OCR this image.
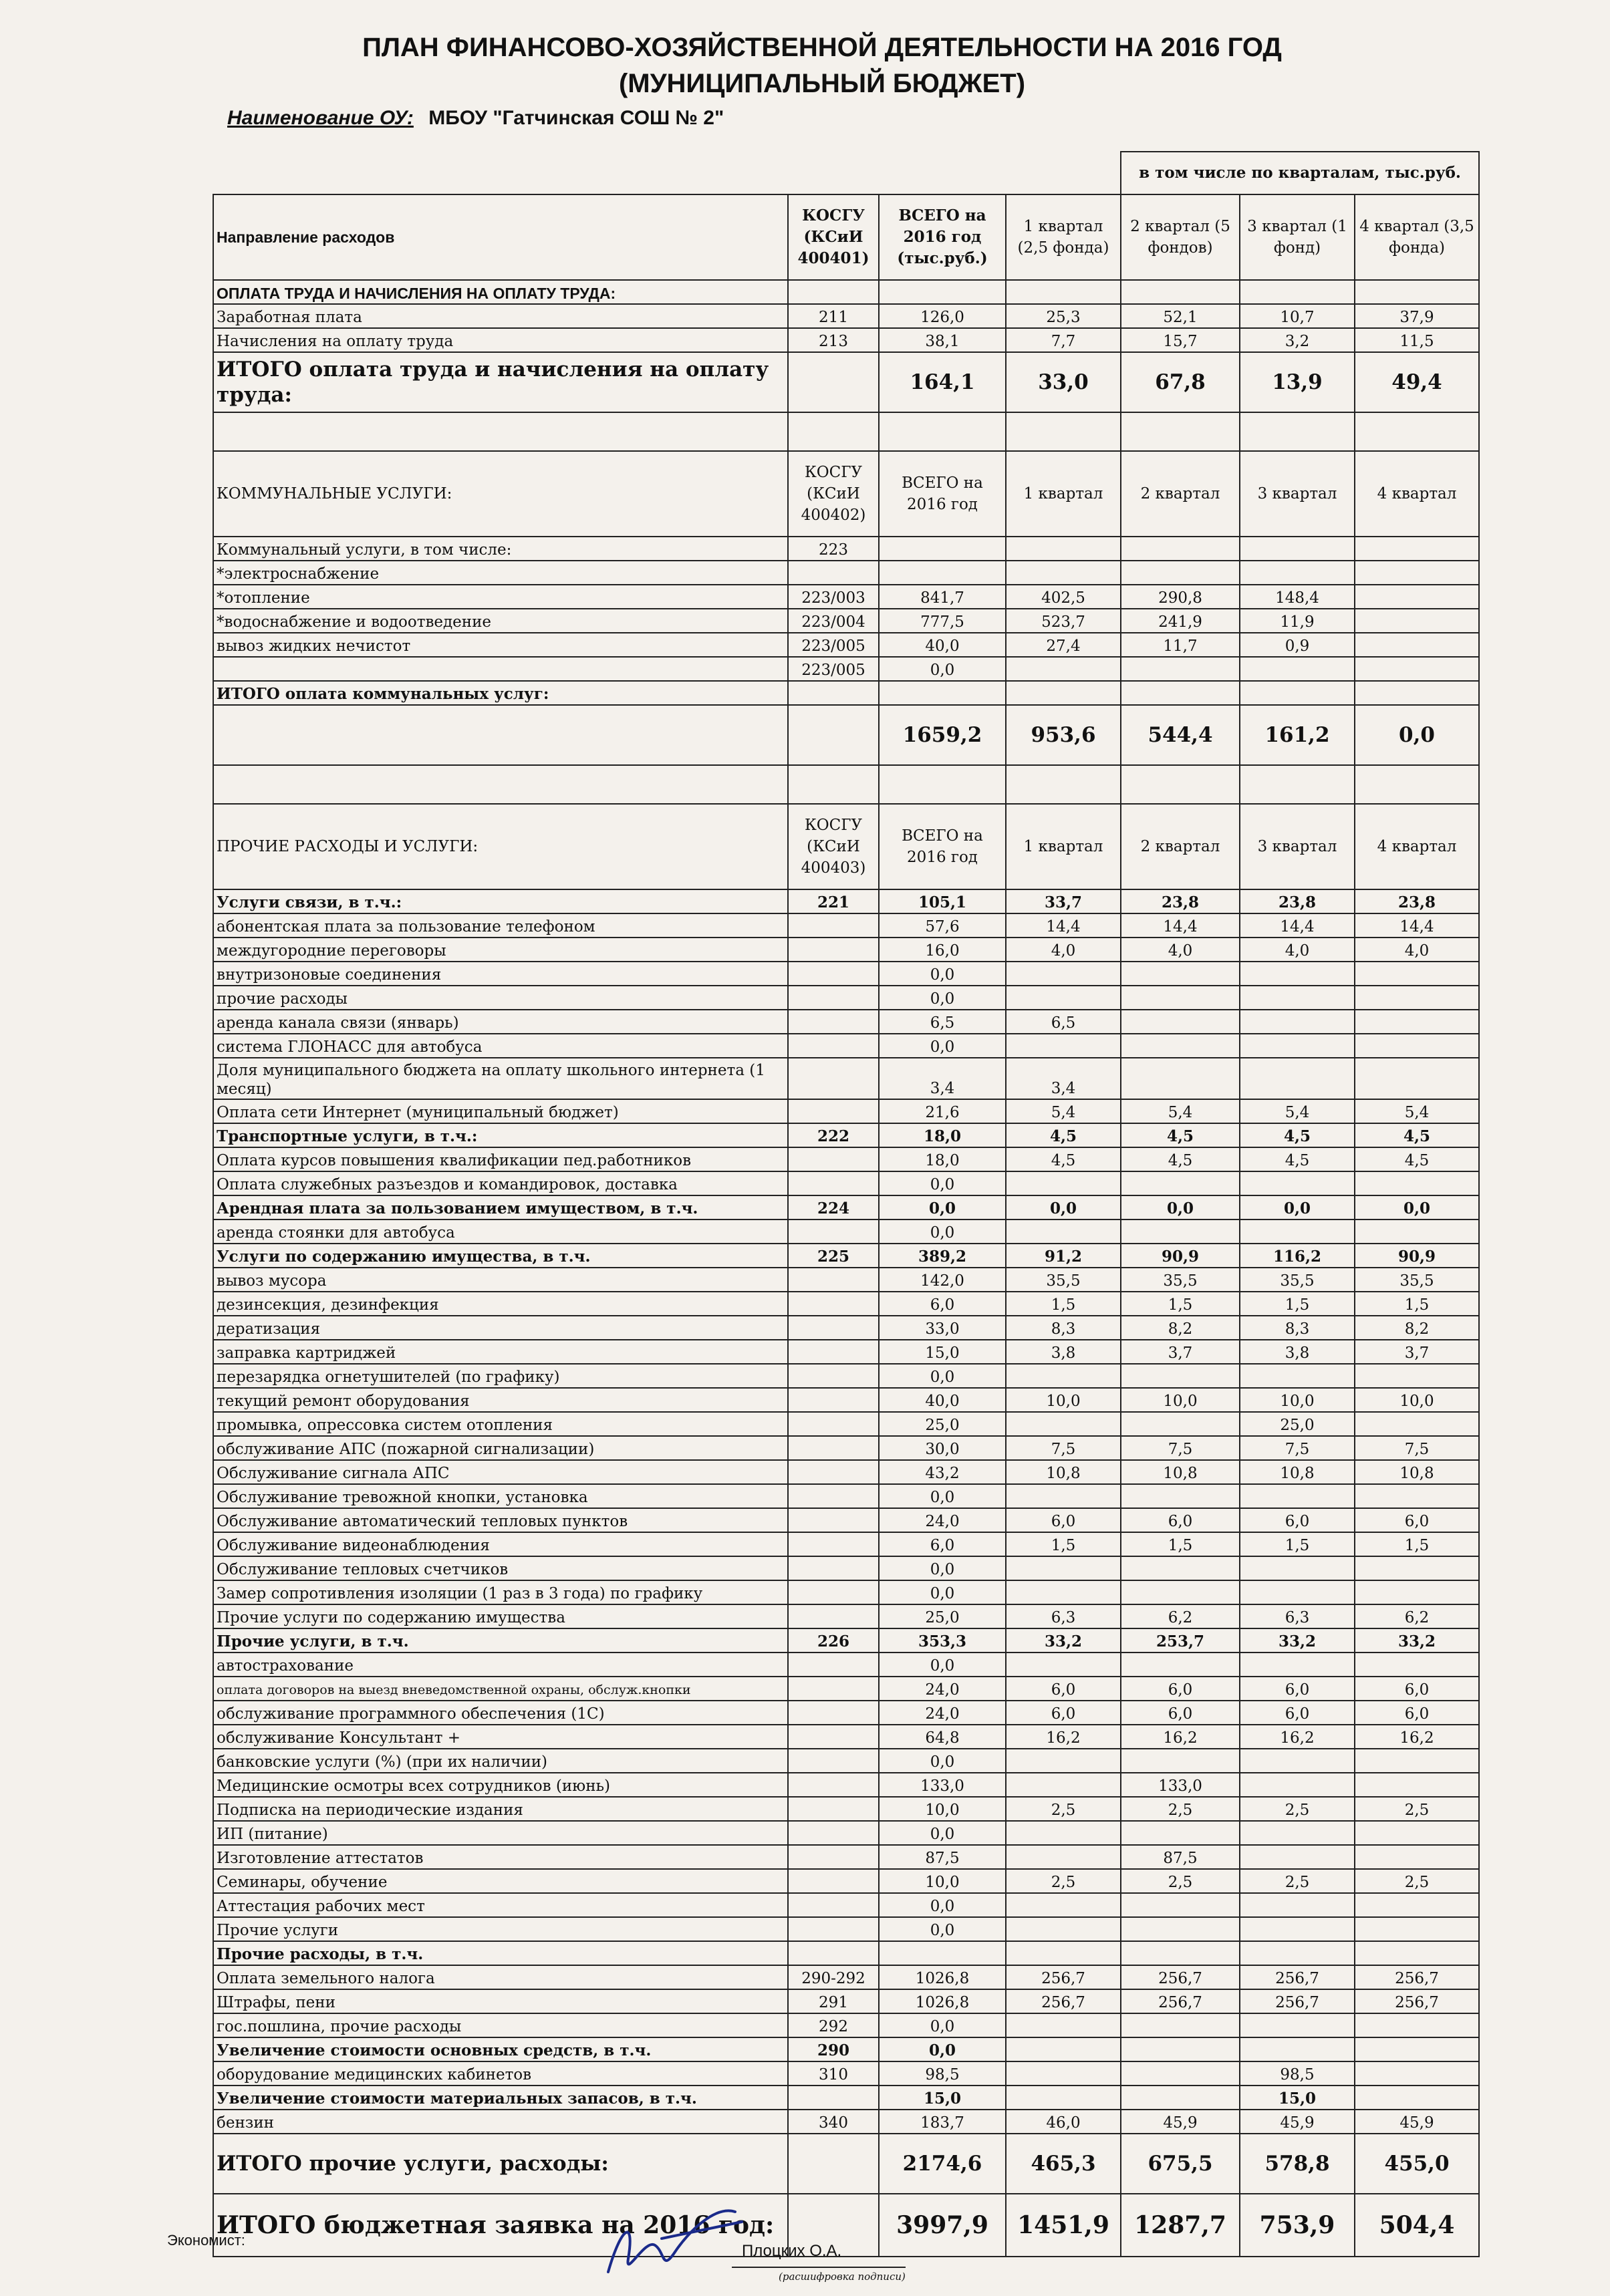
ПЛАН ФИНАНСОВО-ХОЗЯЙСТВЕННОЙ ДЕЯТЕЛЬНОСТИ НА 2016 ГОД
(МУНИЦИПАЛЬНЫЙ БЮДЖЕТ)
Наименование ОУ: МБОУ "Гатчинская СОШ № 2"
				в том числе по кварталам, тыс.руб.		
Направление расходов	КОСГУ (КСиИ 400401)	ВСЕГО на 2016 год (тыс.руб.)	1 квартал (2,5 фонда)	2 квартал (5 фондов)	3 квартал (1 фонд)	4 квартал (3,5 фонда)
ОПЛАТА ТРУДА И НАЧИСЛЕНИЯ НА ОПЛАТУ ТРУДА:						
Заработная плата	211	126,0	25,3	52,1	10,7	37,9
Начисления на оплату труда	213	38,1	7,7	15,7	3,2	11,5
ИТОГО оплата труда и начисления на оплату труда:		164,1	33,0	67,8	13,9	49,4

КОММУНАЛЬНЫЕ УСЛУГИ:	КОСГУ (КСиИ 400402)	ВСЕГО на 2016 год	1 квартал	2 квартал	3 квартал	4 квартал
Коммунальный услуги, в том числе:	223					
*электроснабжение						
*отопление	223/003	841,7	402,5	290,8	148,4	
*водоснабжение и водоотведение	223/004	777,5	523,7	241,9	11,9	
вывоз жидких нечистот	223/005	40,0	27,4	11,7	0,9	
	223/005	0,0				
ИТОГО оплата коммунальных услуг:						
		1659,2	953,6	544,4	161,2	0,0

ПРОЧИЕ РАСХОДЫ И УСЛУГИ:	КОСГУ (КСиИ 400403)	ВСЕГО на 2016 год	1 квартал	2 квартал	3 квартал	4 квартал
Услуги связи, в т.ч.:	221	105,1	33,7	23,8	23,8	23,8
абонентская плата за пользование телефоном		57,6	14,4	14,4	14,4	14,4
междугородние переговоры		16,0	4,0	4,0	4,0	4,0
внутризоновые соединения		0,0				
прочие расходы		0,0				
аренда канала связи (январь)		6,5	6,5			
система ГЛОНАСС для автобуса		0,0				
Доля муниципального бюджета на оплату школьного интернета (1 месяц)		3,4	3,4			
Оплата сети Интернет (муниципальный бюджет)		21,6	5,4	5,4	5,4	5,4
Транспортные услуги, в т.ч.:	222	18,0	4,5	4,5	4,5	4,5
Оплата курсов повышения квалификации пед.работников		18,0	4,5	4,5	4,5	4,5
Оплата служебных разъездов и командировок, доставка		0,0				
Арендная плата за пользованием имуществом, в т.ч.	224	0,0	0,0	0,0	0,0	0,0
аренда стоянки для автобуса		0,0				
Услуги по содержанию имущества, в т.ч.	225	389,2	91,2	90,9	116,2	90,9
вывоз мусора		142,0	35,5	35,5	35,5	35,5
дезинсекция, дезинфекция		6,0	1,5	1,5	1,5	1,5
дератизация		33,0	8,3	8,2	8,3	8,2
заправка картриджей		15,0	3,8	3,7	3,8	3,7
перезарядка огнетушителей (по графику)		0,0				
текущий ремонт оборудования		40,0	10,0	10,0	10,0	10,0
промывка, опрессовка систем отопления		25,0			25,0	
обслуживание АПС (пожарной сигнализации)		30,0	7,5	7,5	7,5	7,5
Обслуживание сигнала АПС		43,2	10,8	10,8	10,8	10,8
Обслуживание тревожной кнопки, установка		0,0				
Обслуживание автоматический тепловых пунктов		24,0	6,0	6,0	6,0	6,0
Обслуживание видеонаблюдения		6,0	1,5	1,5	1,5	1,5
Обслуживание тепловых счетчиков		0,0				
Замер сопротивления изоляции (1 раз в 3 года) по графику		0,0				
Прочие услуги по содержанию имущества		25,0	6,3	6,2	6,3	6,2
Прочие услуги, в т.ч.	226	353,3	33,2	253,7	33,2	33,2
автострахование		0,0				
оплата договоров на выезд вневедомственной охраны, обслуж.кнопки		24,0	6,0	6,0	6,0	6,0
обслуживание программного обеспечения (1С)		24,0	6,0	6,0	6,0	6,0
обслуживание Консультант +		64,8	16,2	16,2	16,2	16,2
банковские услуги (%) (при их наличии)		0,0				
Медицинские осмотры всех сотрудников (июнь)		133,0		133,0		
Подписка на периодические издания		10,0	2,5	2,5	2,5	2,5
ИП (питание)		0,0				
Изготовление аттестатов		87,5		87,5		
Семинары, обучение		10,0	2,5	2,5	2,5	2,5
Аттестация рабочих мест		0,0				
Прочие услуги		0,0				
Прочие расходы, в т.ч.						
Оплата земельного налога	290-292	1026,8	256,7	256,7	256,7	256,7
Штрафы, пени	291	1026,8	256,7	256,7	256,7	256,7
гос.пошлина, прочие расходы	292	0,0				
Увеличение стоимости основных средств, в т.ч.	290	0,0				
оборудование медицинских кабинетов	310	98,5			98,5	
Увеличение стоимости материальных запасов, в т.ч.		15,0			15,0	
бензин	340	183,7	46,0	45,9	45,9	45,9
ИТОГО прочие услуги, расходы:		2174,6	465,3	675,5	578,8	455,0
ИТОГО бюджетная заявка на 2016 год:		3997,9	1451,9	1287,7	753,9	504,4
Экономист:
Плоцких О.А.
(расшифровка подписи)
